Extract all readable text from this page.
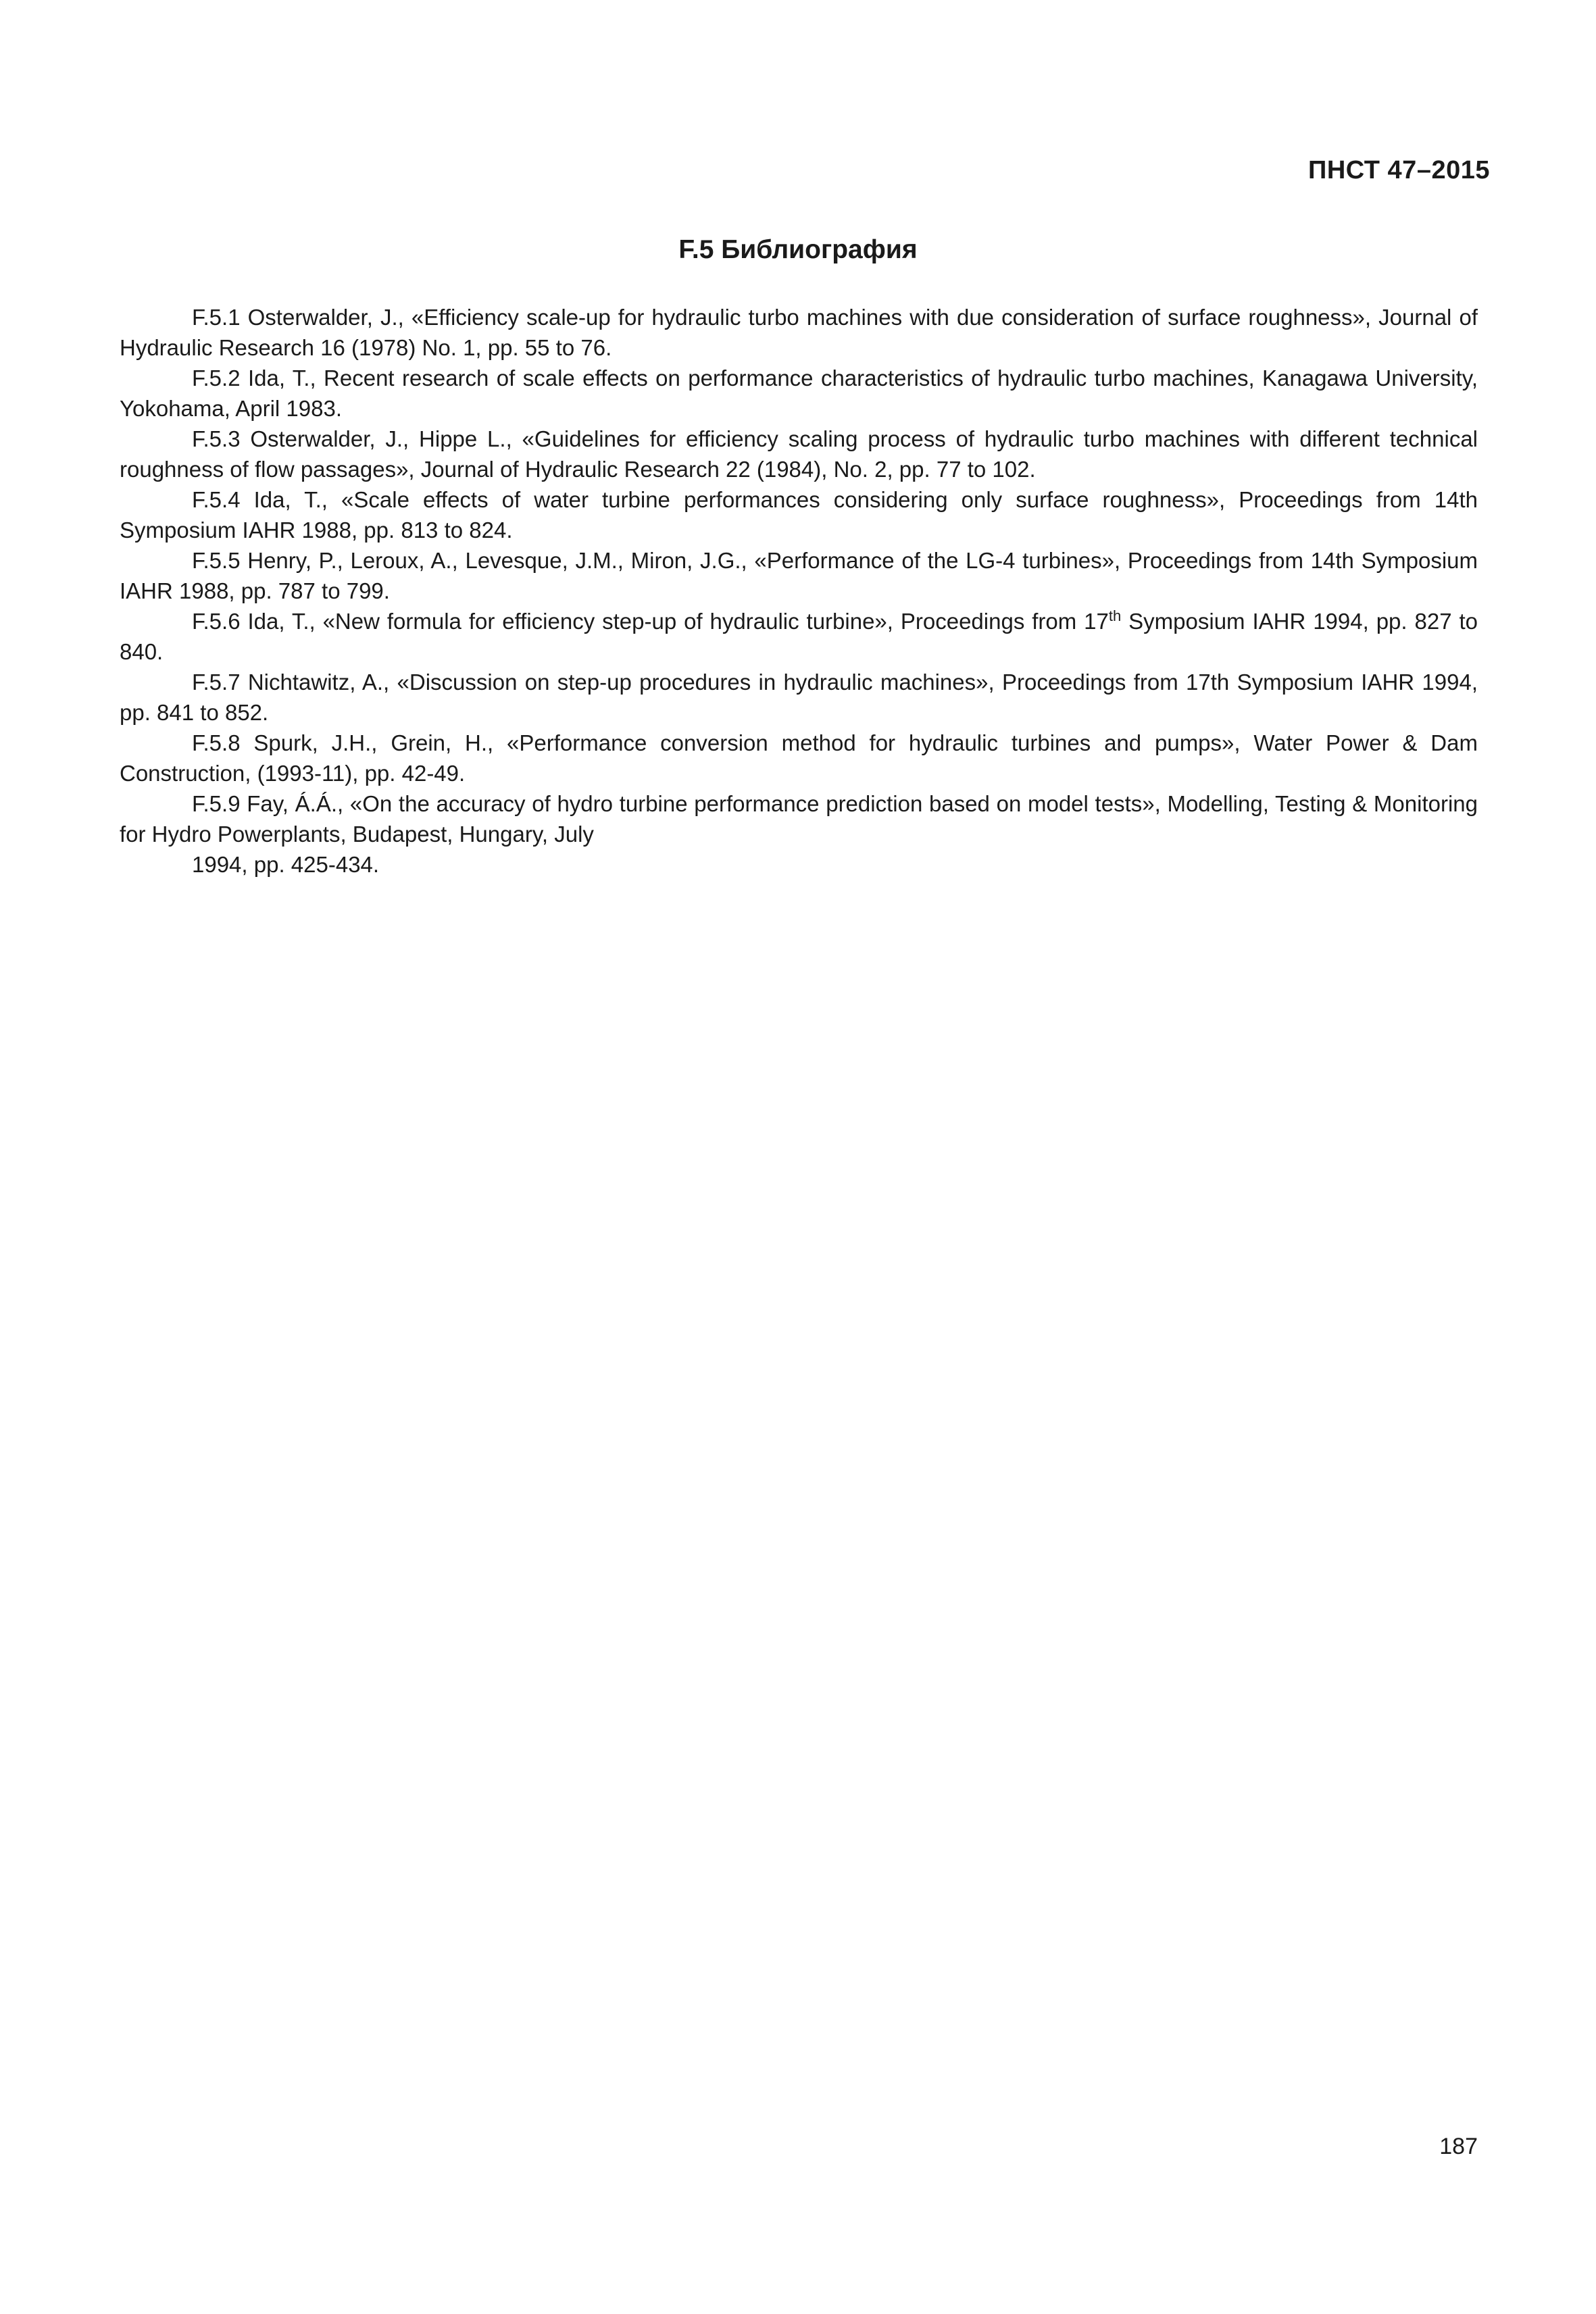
ПНСТ 47–2015
F.5 Библиография

F.5.1 Osterwalder, J., «Efficiency scale-up for hydraulic turbo machines with due consideration of surface roughness», Journal of Hydraulic Research 16 (1978) No. 1, pp. 55 to 76.

F.5.2 Ida, T., Recent research of scale effects on performance characteristics of hydraulic turbo machines, Kanagawa University, Yokohama, April 1983.

F.5.3 Osterwalder, J., Hippe L., «Guidelines for efficiency scaling process of hydraulic turbo machines with different technical roughness of flow passages», Journal of Hydraulic Research 22 (1984), No. 2, pp. 77 to 102.

F.5.4 Ida, T., «Scale effects of water turbine performances considering only surface roughness», Proceedings from 14th Symposium IAHR 1988, pp. 813 to 824.

F.5.5 Henry, P., Leroux, A., Levesque, J.M., Miron, J.G., «Performance of the LG-4 turbines», Proceedings from 14th Symposium IAHR 1988, pp. 787 to 799.

F.5.6 Ida, T., «New formula for efficiency step-up of hydraulic turbine», Proceedings from 17th Symposium IAHR 1994, pp. 827 to 840.

F.5.7 Nichtawitz, A., «Discussion on step-up procedures in hydraulic machines», Proceedings from 17th Symposium IAHR 1994, pp. 841 to 852.

F.5.8 Spurk, J.H., Grein, H., «Performance conversion method for hydraulic turbines and pumps», Water Power & Dam Construction, (1993-11), pp. 42-49.

F.5.9 Fay, Á.Á., «On the accuracy of hydro turbine performance prediction based on model tests», Modelling, Testing & Monitoring for Hydro Powerplants, Budapest, Hungary, July

1994, pp. 425-434.

187
